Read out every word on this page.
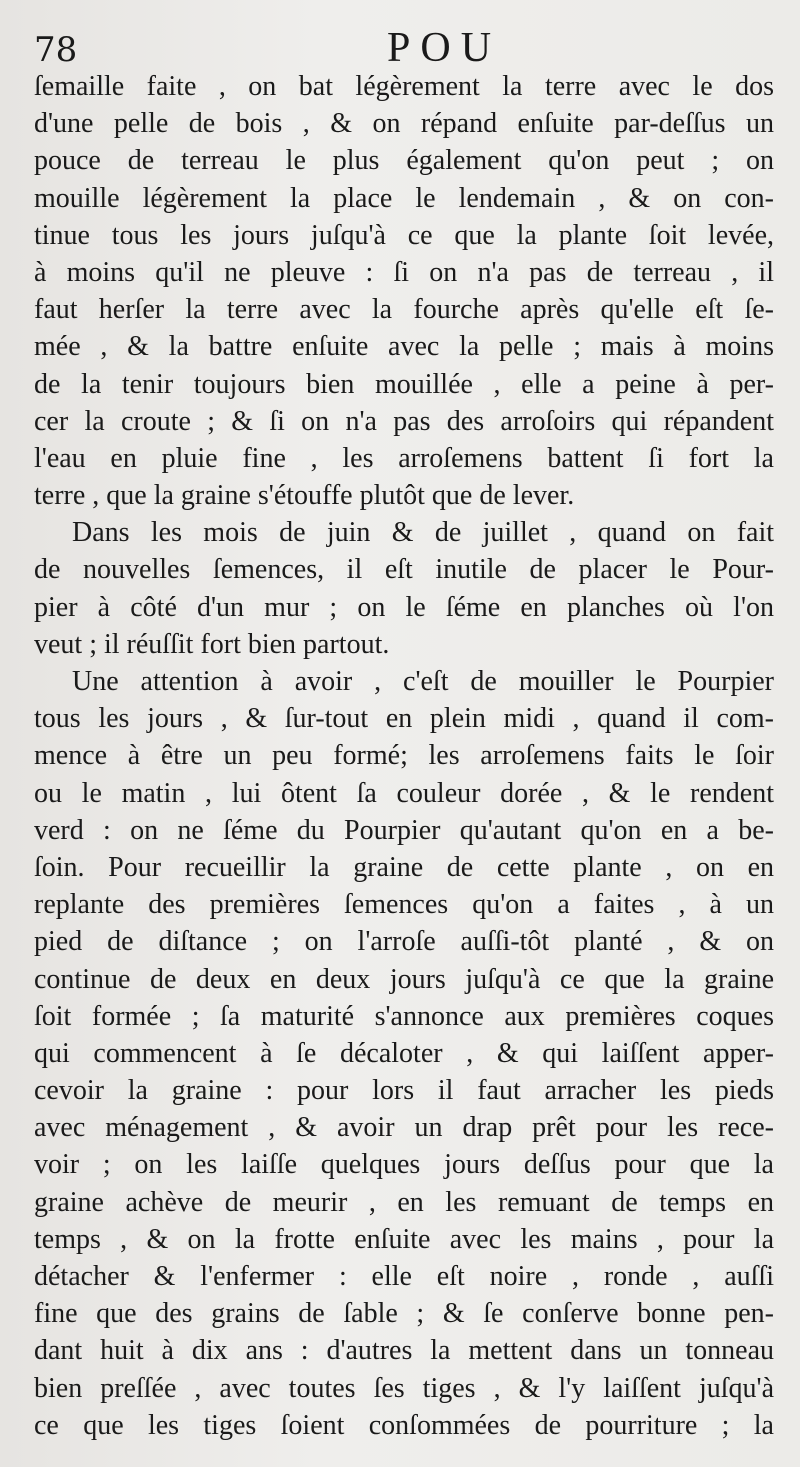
78	POU
ſemaille faite , on bat légèrement la terre avec le dos
d'une pelle de bois , & on répand enſuite par-deſſus un
pouce de terreau le plus également qu'on peut ; on
mouille légèrement la place le lendemain , & on con-
tinue tous les jours juſqu'à ce que la plante ſoit levée,
à moins qu'il ne pleuve : ſi on n'a pas de terreau , il
faut herſer la terre avec la fourche après qu'elle eſt ſe-
mée , & la battre enſuite avec la pelle ; mais à moins
de la tenir toujours bien mouillée , elle a peine à per-
cer la croute ; & ſi on n'a pas des arroſoirs qui répandent
l'eau en pluie fine , les arroſemens battent ſi fort la
terre , que la graine s'étouffe plutôt que de lever.
Dans les mois de juin & de juillet , quand on fait
de nouvelles ſemences, il eſt inutile de placer le Pour-
pier à côté d'un mur ; on le ſéme en planches où l'on
veut ; il réuſſit fort bien partout.
Une attention à avoir , c'eſt de mouiller le Pourpier
tous les jours , & ſur-tout en plein midi , quand il com-
mence à être un peu formé; les arroſemens faits le ſoir
ou le matin , lui ôtent ſa couleur dorée , & le rendent
verd : on ne ſéme du Pourpier qu'autant qu'on en a be-
ſoin. Pour recueillir la graine de cette plante , on en
replante des premières ſemences qu'on a faites , à un
pied de diſtance ; on l'arroſe auſſi-tôt planté , & on
continue de deux en deux jours juſqu'à ce que la graine
ſoit formée ; ſa maturité s'annonce aux premières coques
qui commencent à ſe décaloter , & qui laiſſent apper-
cevoir la graine : pour lors il faut arracher les pieds
avec ménagement , & avoir un drap prêt pour les rece-
voir ; on les laiſſe quelques jours deſſus pour que la
graine achève de meurir , en les remuant de temps en
temps , & on la frotte enſuite avec les mains , pour la
détacher & l'enfermer : elle eſt noire , ronde , auſſi
fine que des grains de ſable ; & ſe conſerve bonne pen-
dant huit à dix ans : d'autres la mettent dans un tonneau
bien preſſée , avec toutes ſes tiges , & l'y laiſſent juſqu'à
ce que les tiges ſoient conſommées de pourriture ; la
